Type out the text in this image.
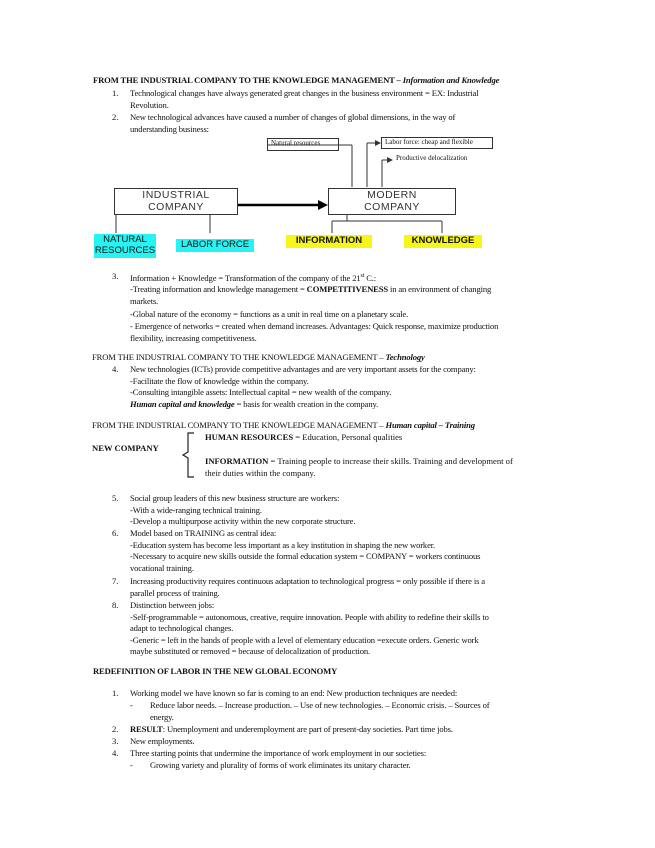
FROM THE INDUSTRIAL COMPANY TO THE KNOWLEDGE MANAGEMENT – Information and Knowledge
1.	Technological changes have always generated great changes in the business environment = EX: Industrial
Revolution.
2.	New technological advances have caused a number of changes of global dimensions, in the way of
understanding business:
Natural resources	Labor force: cheap and flexible
Productive delocalization
INDUSTRIAL
COMPANY
MODERN
COMPANY
NATURAL
RESOURCES
LABOR FORCE	INFORMATION	KNOWLEDGE
3.	Information + Knowledge = Transformation of the company of the 21st C.:
-Treating information and knowledge management = COMPETITIVENESS in an environment of changing
markets.
-Global nature of the economy = functions as a unit in real time on a planetary scale.
- Emergence of networks = created when demand increases. Advantages: Quick response, maximize production
flexibility, increasing competitiveness.
FROM THE INDUSTRIAL COMPANY TO THE KNOWLEDGE MANAGEMENT – Technology
4.	New technologies (ICTs) provide competitive advantages and are very important assets for the company:
-Facilitate the flow of knowledge within the company.
-Consulting intangible assets: Intellectual capital = new wealth of the company.
Human capital and knowledge = basis for wealth creation in the company.
FROM THE INDUSTRIAL COMPANY TO THE KNOWLEDGE MANAGEMENT – Human capital – Training
NEW COMPANY
HUMAN RESOURCES = Education, Personal qualities
INFORMATION = Training people to increase their skills. Training and development of
their duties within the company.
5.	Social group leaders of this new business structure are workers:
-With a wide-ranging technical training.
-Develop a multipurpose activity within the new corporate structure.
6.	Model based on TRAINING as central idea:
-Education system has become less important as a key institution in shaping the new worker.
-Necessary to acquire new skills outside the formal education system = COMPANY = workers continuous
vocational training.
7.	Increasing productivity requires continuous adaptation to technological progress = only possible if there is a
parallel process of training.
8.	Distinction between jobs:
-Self-programmable = autonomous, creative, require innovation. People with ability to redefine their skills to
adapt to technological changes.
-Generic = left in the hands of people with a level of elementary education =execute orders. Generic work
maybe substituted or removed = because of delocalization of production.
REDEFINITION OF LABOR IN THE NEW GLOBAL ECONOMY
1.	Working model we have known so far is coming to an end: New production techniques are needed:
- Reduce labor needs. – Increase production. – Use of new technologies. – Economic crisis. – Sources of
energy.
2.	RESULT: Unemployment and underemployment are part of present-day societies. Part time jobs.
3.	New employments.
4.	Three starting points that undermine the importance of work employment in our societies:
- Growing variety and plurality of forms of work eliminates its unitary character.
